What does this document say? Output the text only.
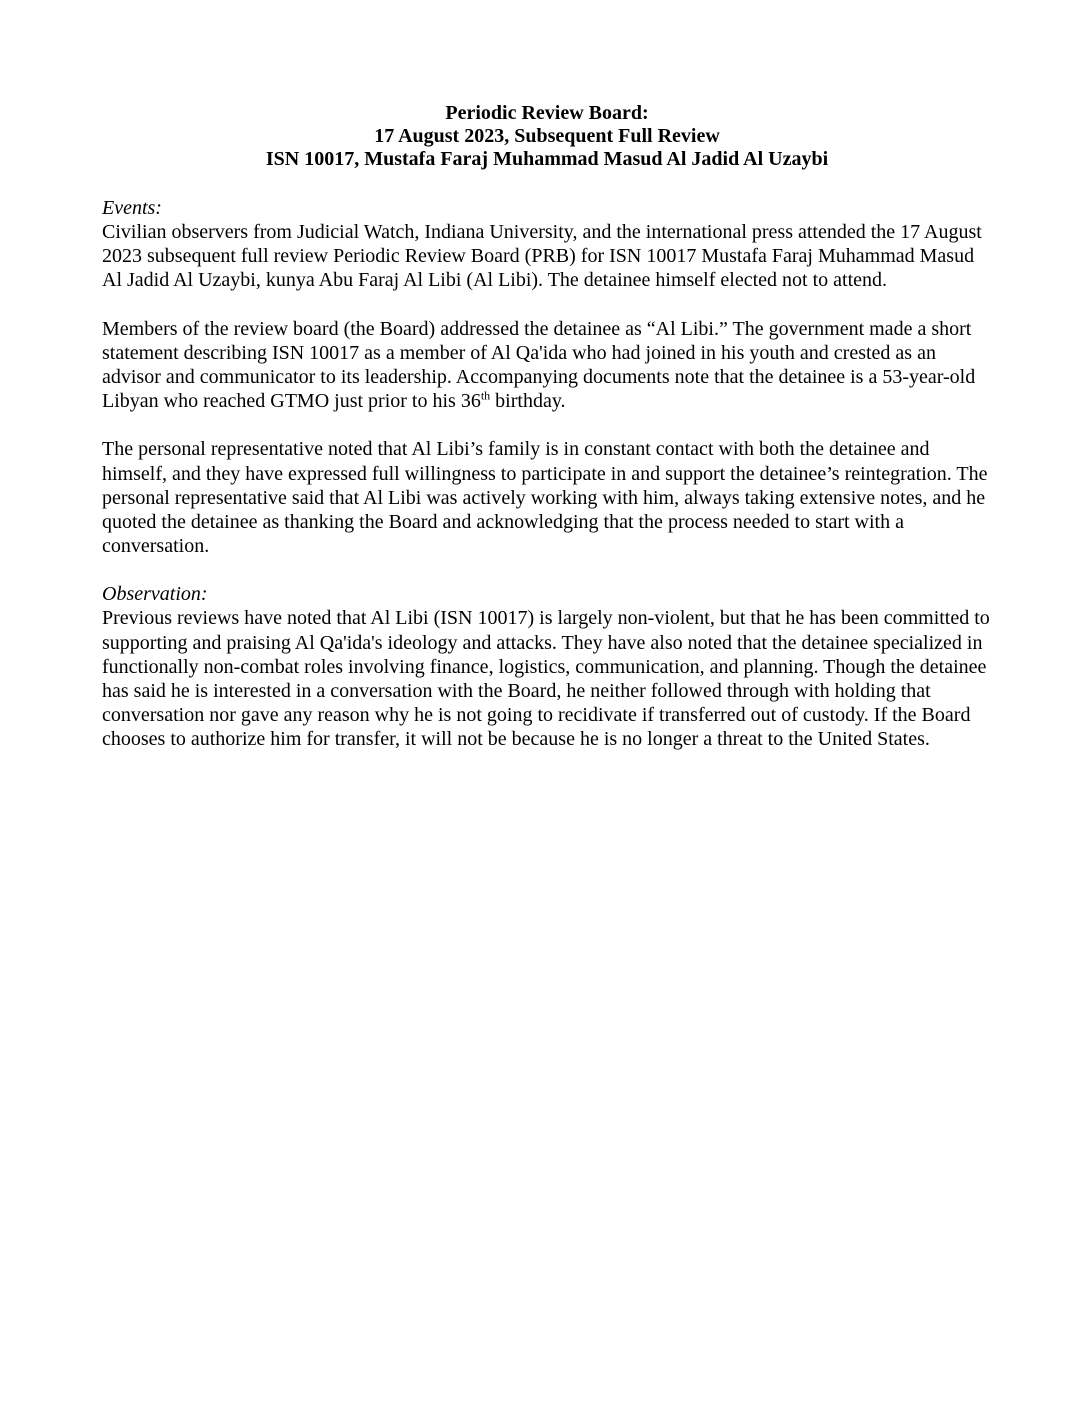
Periodic Review Board:
17 August 2023, Subsequent Full Review
ISN 10017, Mustafa Faraj Muhammad Masud Al Jadid Al Uzaybi

Events:

Civilian observers from Judicial Watch, Indiana University, and the international press attended the 17 August 2023 subsequent full review Periodic Review Board (PRB) for ISN 10017 Mustafa Faraj Muhammad Masud Al Jadid Al Uzaybi, kunya Abu Faraj Al Libi (Al Libi). The detainee himself elected not to attend.

Members of the review board (the Board) addressed the detainee as “Al Libi.” The government made a short statement describing ISN 10017 as a member of Al Qa'ida who had joined in his youth and crested as an advisor and communicator to its leadership. Accompanying documents note that the detainee is a 53-year-old Libyan who reached GTMO just prior to his 36th birthday.

The personal representative noted that Al Libi’s family is in constant contact with both the detainee and himself, and they have expressed full willingness to participate in and support the detainee’s reintegration. The personal representative said that Al Libi was actively working with him, always taking extensive notes, and he quoted the detainee as thanking the Board and acknowledging that the process needed to start with a conversation.

Observation:

Previous reviews have noted that Al Libi (ISN 10017) is largely non-violent, but that he has been committed to supporting and praising Al Qa'ida's ideology and attacks. They have also noted that the detainee specialized in functionally non-combat roles involving finance, logistics, communication, and planning. Though the detainee has said he is interested in a conversation with the Board, he neither followed through with holding that conversation nor gave any reason why he is not going to recidivate if transferred out of custody. If the Board chooses to authorize him for transfer, it will not be because he is no longer a threat to the United States.
